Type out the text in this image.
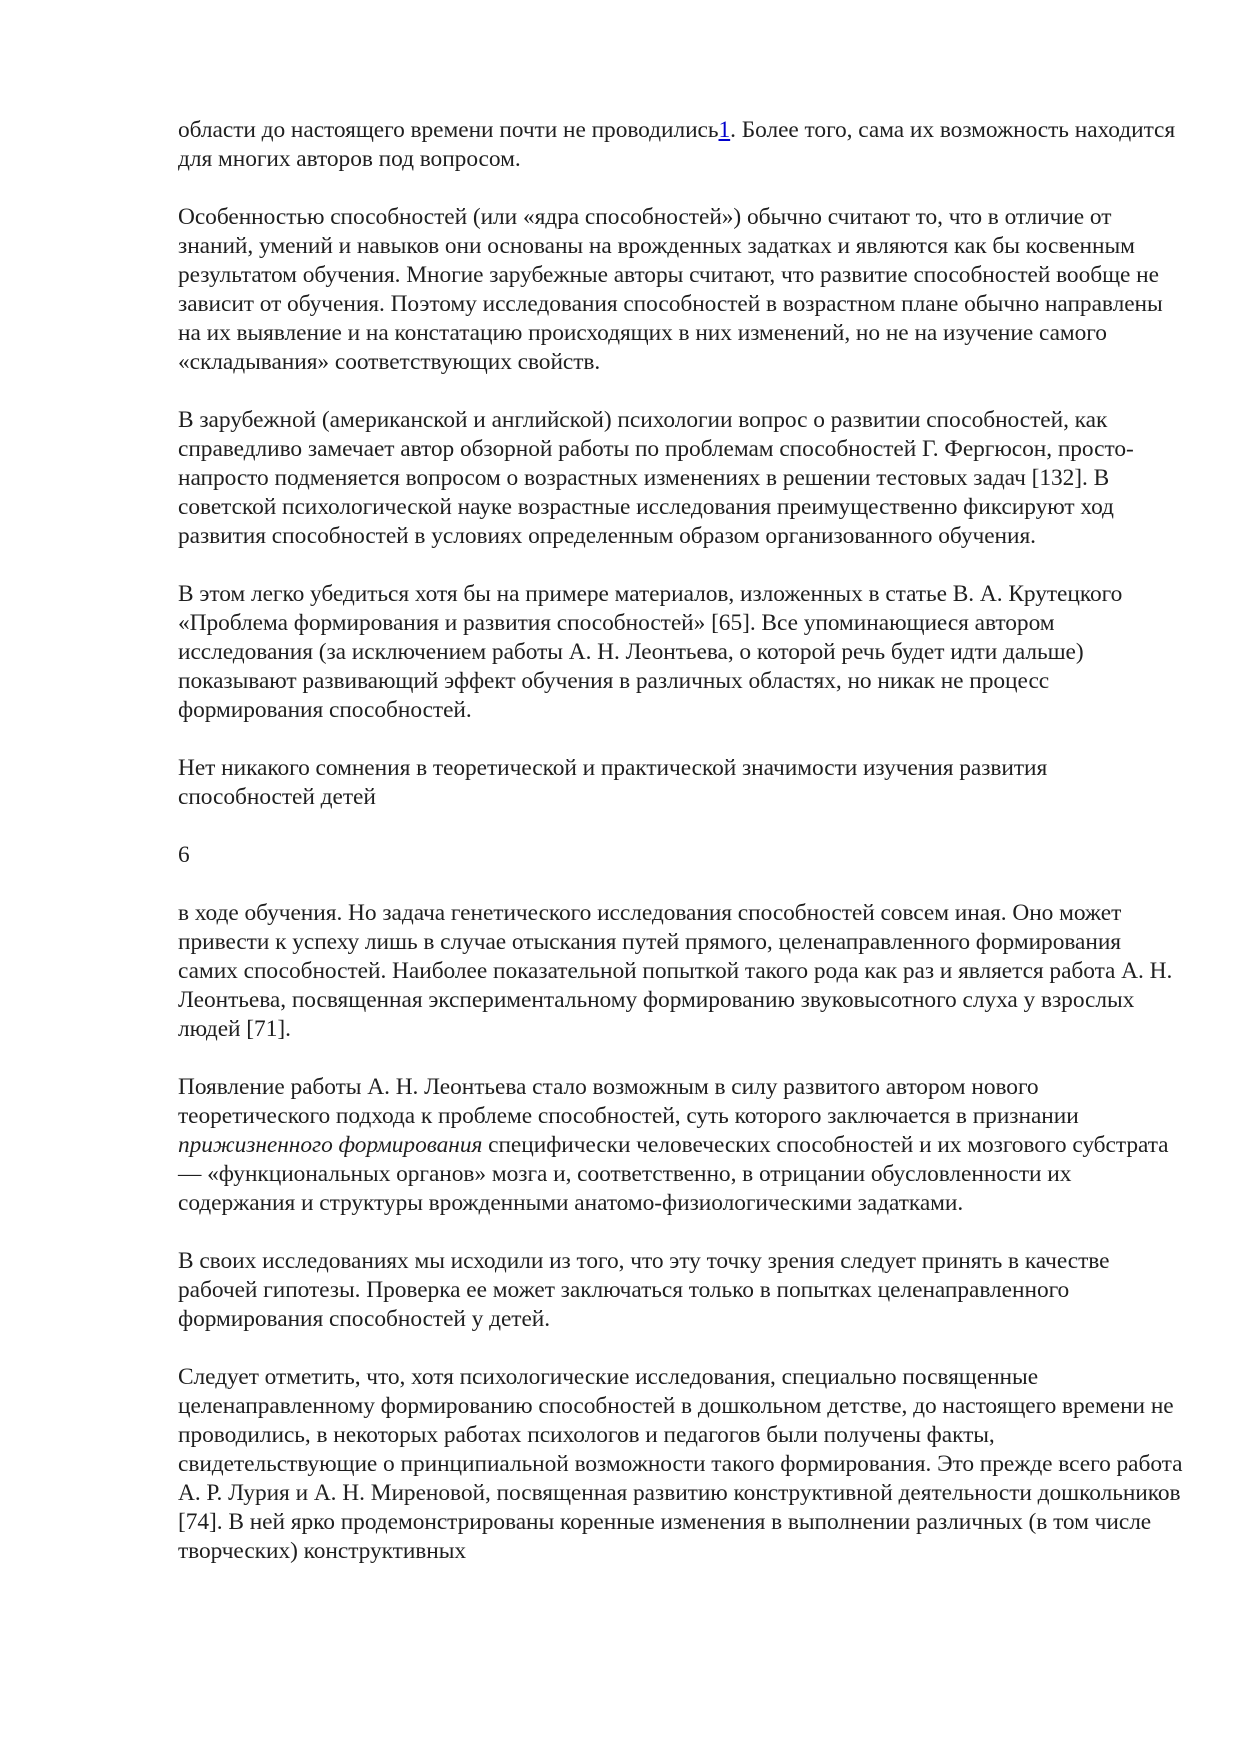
области до настоящего времени почти не проводились1. Более того, сама их возможность находится для многих авторов под вопросом.

Особенностью способностей (или «ядра способностей») обычно считают то, что в отличие от знаний, умений и навыков они основаны на врожденных задатках и являются как бы косвенным результатом обучения. Многие зарубежные авторы считают, что развитие способностей вообще не зависит от обучения. Поэтому исследования способностей в возрастном плане обычно направлены на их выявление и на констатацию происходящих в них изменений, но не на изучение самого «складывания» соответствующих свойств.

В зарубежной (американской и английской) психологии вопрос о развитии способностей, как справедливо замечает автор обзорной работы по проблемам способностей Г. Фергюсон, просто-напросто подменяется вопросом о возрастных изменениях в решении тестовых задач [132]. В советской психологической науке возрастные исследования преимущественно фиксируют ход развития способностей в условиях определенным образом организованного обучения.

В этом легко убедиться хотя бы на примере материалов, изложенных в статье В. А. Крутецкого «Проблема формирования и развития способностей» [65]. Все упоминающиеся автором исследования (за исключением работы А. Н. Леонтьева, о которой речь будет идти дальше) показывают развивающий эффект обучения в различных областях, но никак не процесс формирования способностей.

Нет никакого сомнения в теоретической и практической значимости изучения развития способностей детей

6

в ходе обучения. Но задача генетического исследования способностей совсем иная. Оно может привести к успеху лишь в случае отыскания путей прямого, целенаправленного формирования самих способностей. Наиболее показательной попыткой такого рода как раз и является работа А. Н. Леонтьева, посвященная экспериментальному формированию звуковысотного слуха у взрослых людей [71].

Появление работы А. Н. Леонтьева стало возможным в силу развитого автором нового теоретического подхода к проблеме способностей, суть которого заключается в признании прижизненного формирования специфически человеческих способностей и их мозгового субстрата — «функциональных органов» мозга и, соответственно, в отрицании обусловленности их содержания и структуры врожденными анатомо-физиологическими задатками.

В своих исследованиях мы исходили из того, что эту точку зрения следует принять в качестве рабочей гипотезы. Проверка ее может заключаться только в попытках целенаправленного формирования способностей у детей.

Следует отметить, что, хотя психологические исследования, специально посвященные целенаправленному формированию способностей в дошкольном детстве, до настоящего времени не проводились, в некоторых работах психологов и педагогов были получены факты, свидетельствующие о принципиальной возможности такого формирования. Это прежде всего работа А. Р. Лурия и А. Н. Миреновой, посвященная развитию конструктивной деятельности дошкольников [74]. В ней ярко продемонстрированы коренные изменения в выполнении различных (в том числе творческих) конструктивных
